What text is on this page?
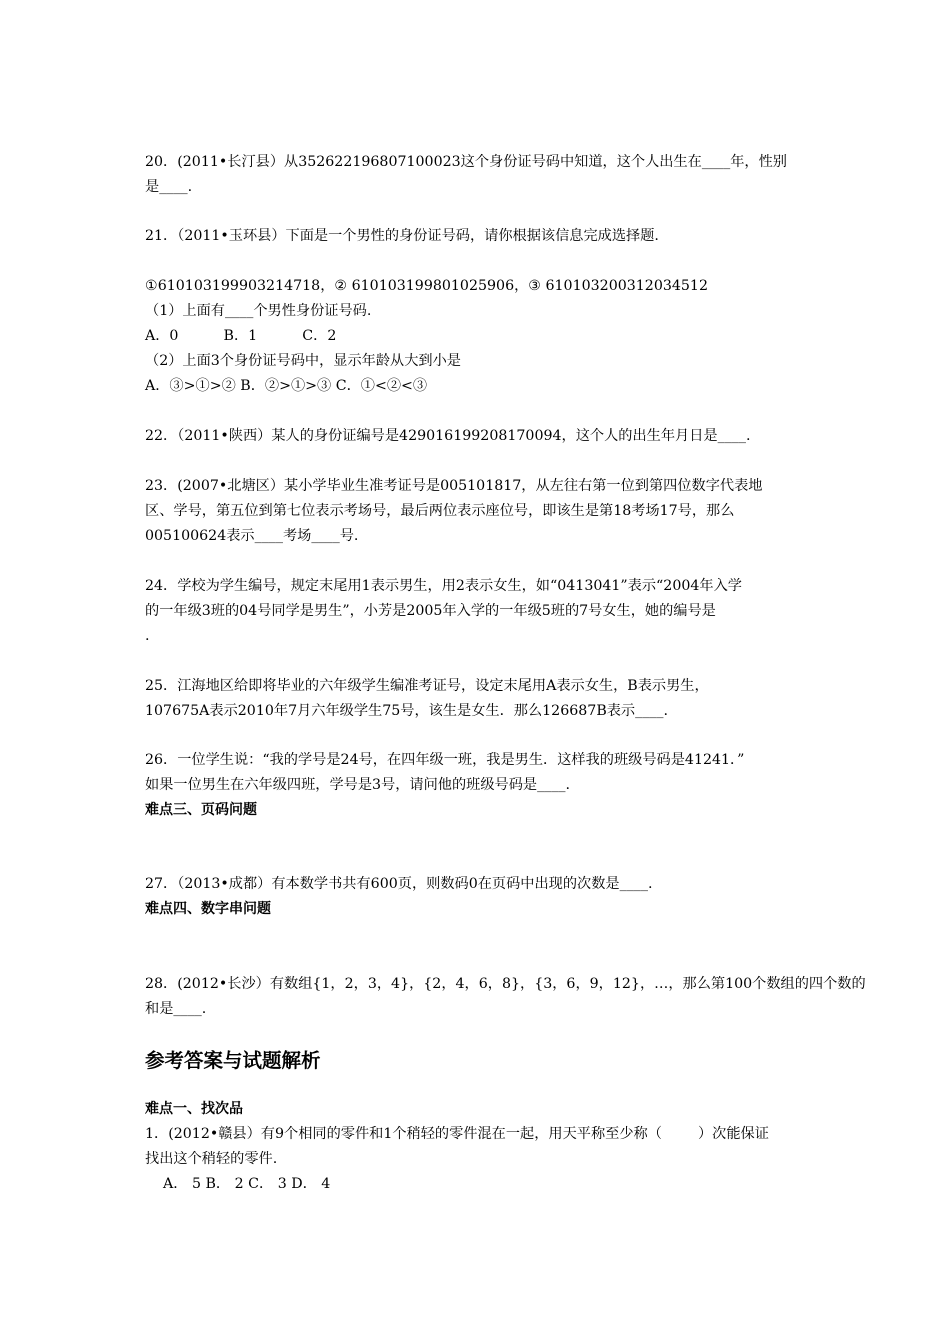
20．(2011•长汀县）从352622196807100023这个身份证号码中知道，这个人出生在____年，性别
是____.
21．（2011•玉环县）下面是一个男性的身份证号码，请你根据该信息完成选择题.
①610103199903214718，② 610103199801025906，③ 610103200312034512
（1）上面有____个男性身份证号码.
A．0          B．1          C．2
（2）上面3个身份证号码中，显示年龄从大到小是
A．③>①>② B．②>①>③ C．①<②<③
22．（2011•陕西）某人的身份证编号是429016199208170094，这个人的出生年月日是____.
23．(2007•北塘区）某小学毕业生准考证号是005101817，从左往右第一位到第四位数字代表地
区、学号，第五位到第七位表示考场号，最后两位表示座位号，即该生是第18考场17号，那么
005100624表示____考场____号.
24．学校为学生编号，规定末尾用1表示男生，用2表示女生，如“0413041”表示“2004年入学
的一年级3班的04号同学是男生”，小芳是2005年入学的一年级5班的7号女生，她的编号是
.
25．江海地区给即将毕业的六年级学生编准考证号，设定末尾用A表示女生，B表示男生，
107675A表示2010年7月六年级学生75号，该生是女生．那么126687B表示____.
26．一位学生说：“我的学号是24号，在四年级一班，我是男生．这样我的班级号码是41241．”
如果一位男生在六年级四班，学号是3号，请问他的班级号码是____.
难点三、页码问题
27．（2013•成都）有本数学书共有600页，则数码0在页码中出现的次数是____.
难点四、数字串问题
28．(2012•长沙）有数组{1，2，3，4}，{2，4，6，8}，{3，6，9，12}，…，那么第100个数组的四个数的
和是____.
参考答案与试题解析
难点一、找次品
1．(2012•赣县）有9个相同的零件和1个稍轻的零件混在一起，用天平称至少称（        ）次能保证
找出这个稍轻的零件.
A． 5 B． 2 C． 3 D． 4
